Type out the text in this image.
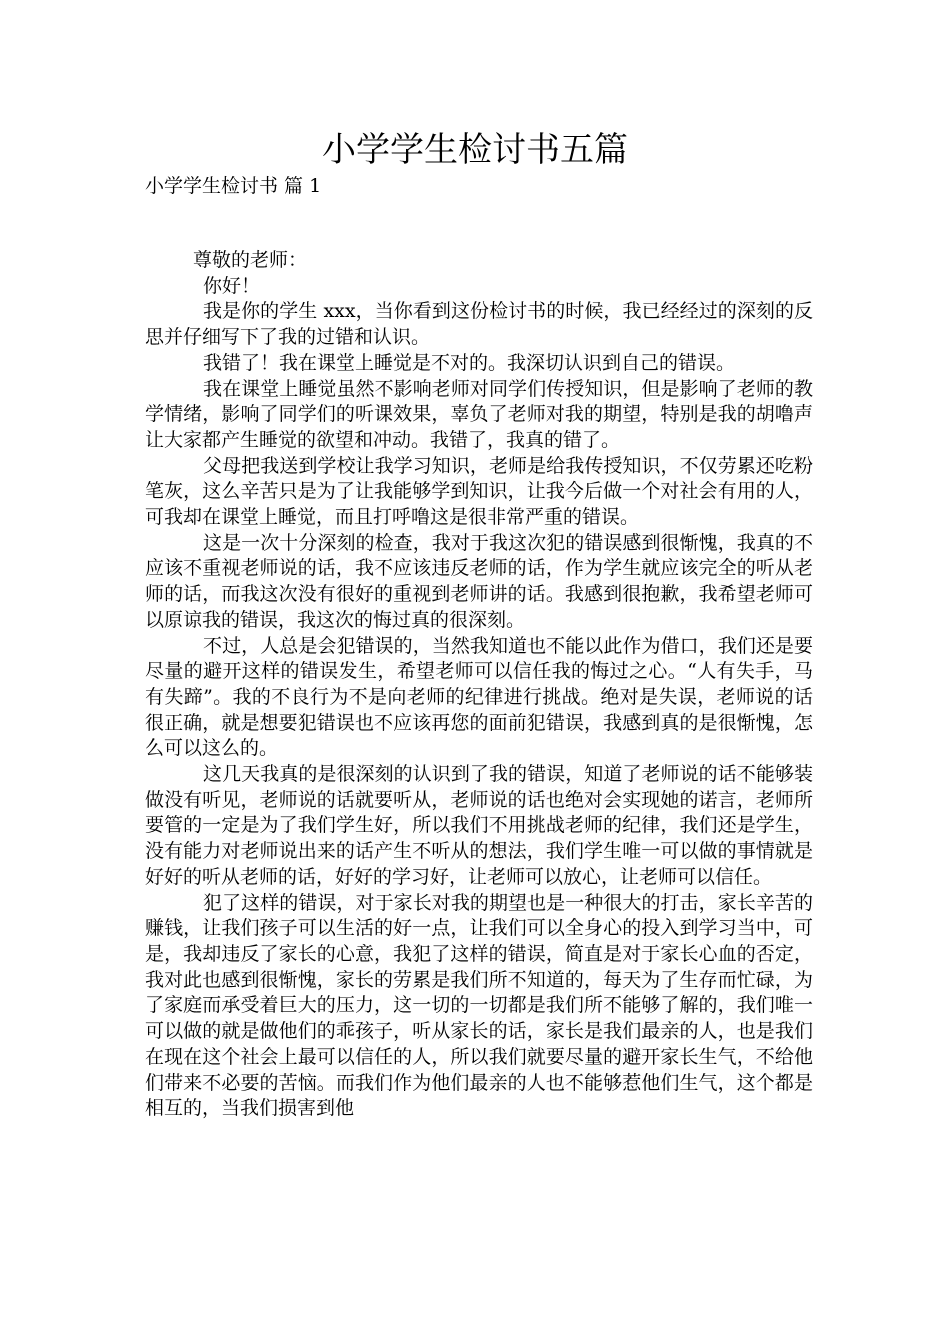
小学学生检讨书五篇
小学学生检讨书 篇 1

尊敬的老师：

你好！

我是你的学生 xxx，当你看到这份检讨书的时候，我已经经过的深刻的反思并仔细写下了我的过错和认识。

我错了！我在课堂上睡觉是不对的。我深切认识到自己的错误。

我在课堂上睡觉虽然不影响老师对同学们传授知识，但是影响了老师的教学情绪，影响了同学们的听课效果，辜负了老师对我的期望，特别是我的胡噜声让大家都产生睡觉的欲望和冲动。我错了，我真的错了。

父母把我送到学校让我学习知识，老师是给我传授知识，不仅劳累还吃粉笔灰，这么辛苦只是为了让我能够学到知识，让我今后做一个对社会有用的人，可我却在课堂上睡觉，而且打呼噜这是很非常严重的错误。

这是一次十分深刻的检查，我对于我这次犯的错误感到很惭愧，我真的不应该不重视老师说的话，我不应该违反老师的话，作为学生就应该完全的听从老师的话，而我这次没有很好的重视到老师讲的话。我感到很抱歉，我希望老师可以原谅我的错误，我这次的悔过真的很深刻。

不过，人总是会犯错误的，当然我知道也不能以此作为借口，我们还是要尽量的避开这样的错误发生，希望老师可以信任我的悔过之心。“人有失手，马有失蹄”。我的不良行为不是向老师的纪律进行挑战。绝对是失误，老师说的话很正确，就是想要犯错误也不应该再您的面前犯错误，我感到真的是很惭愧，怎么可以这么的。

这几天我真的是很深刻的认识到了我的错误，知道了老师说的话不能够装做没有听见，老师说的话就要听从，老师说的话也绝对会实现她的诺言，老师所要管的一定是为了我们学生好，所以我们不用挑战老师的纪律，我们还是学生，没有能力对老师说出来的话产生不听从的想法，我们学生唯一可以做的事情就是好好的听从老师的话，好好的学习好，让老师可以放心，让老师可以信任。

犯了这样的错误，对于家长对我的期望也是一种很大的打击，家长辛苦的赚钱，让我们孩子可以生活的好一点，让我们可以全身心的投入到学习当中，可是，我却违反了家长的心意，我犯了这样的错误，简直是对于家长心血的否定，我对此也感到很惭愧，家长的劳累是我们所不知道的，每天为了生存而忙碌，为了家庭而承受着巨大的压力，这一切的一切都是我们所不能够了解的，我们唯一可以做的就是做他们的乖孩子，听从家长的话，家长是我们最亲的人，也是我们在现在这个社会上最可以信任的人，所以我们就要尽量的避开家长生气，不给他们带来不必要的苦恼。而我们作为他们最亲的人也不能够惹他们生气，这个都是相互的，当我们损害到他
